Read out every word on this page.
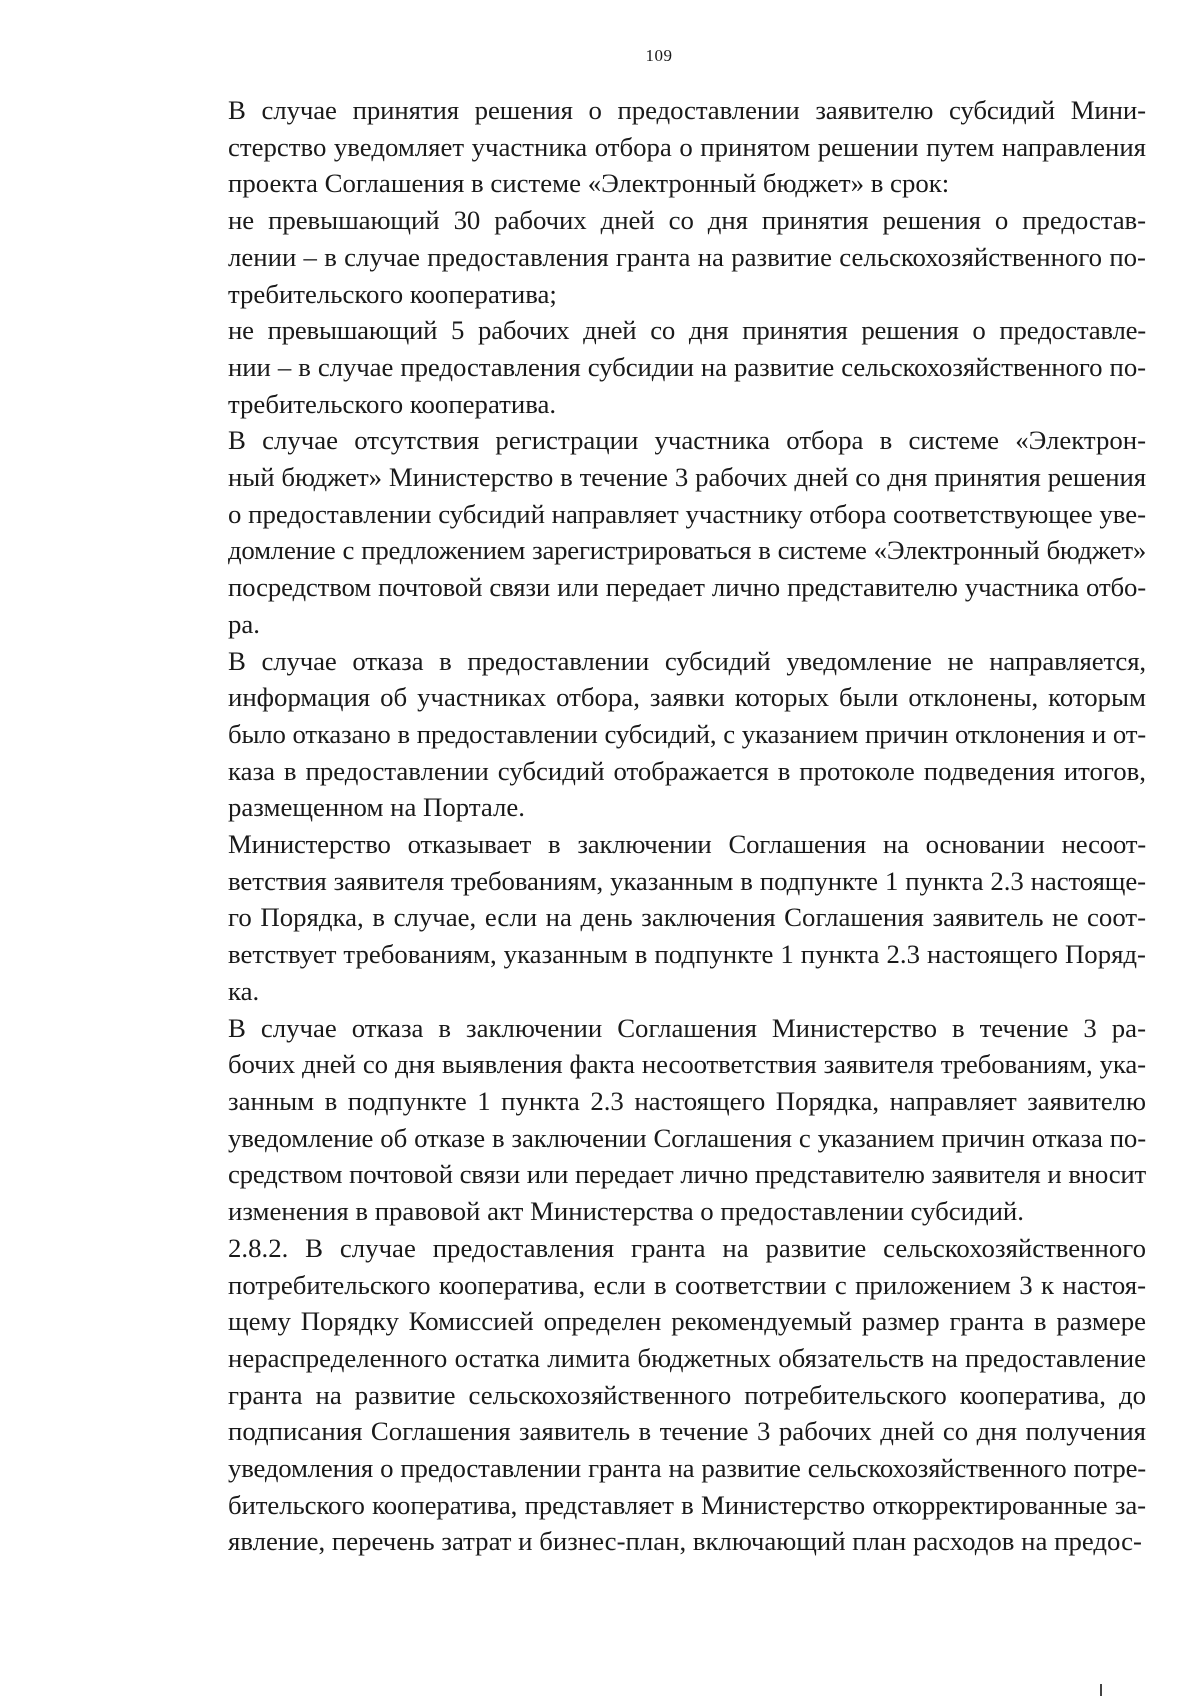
109

В случае принятия решения о предоставлении заявителю субсидий Мини-
стерство уведомляет участника отбора о принятом решении путем направления
проекта Соглашения в системе «Электронный бюджет» в срок:

не превышающий 30 рабочих дней со дня принятия решения о предостав-
лении – в случае предоставления гранта на развитие сельскохозяйственного по-
требительского кооператива;

не превышающий 5 рабочих дней со дня принятия решения о предоставле-
нии – в случае предоставления субсидии на развитие сельскохозяйственного по-
требительского кооператива.

В случае отсутствия регистрации участника отбора в системе «Электрон-
ный бюджет» Министерство в течение 3 рабочих дней со дня принятия решения
о предоставлении субсидий направляет участнику отбора соответствующее уве-
домление с предложением зарегистрироваться в системе «Электронный бюджет»
посредством почтовой связи или передает лично представителю участника отбо-
ра.

В случае отказа в предоставлении субсидий уведомление не направляется,
информация об участниках отбора, заявки которых были отклонены, которым
было отказано в предоставлении субсидий, с указанием причин отклонения и от-
каза в предоставлении субсидий отображается в протоколе подведения итогов,
размещенном на Портале.

Министерство отказывает в заключении Соглашения на основании несоот-
ветствия заявителя требованиям, указанным в подпункте 1 пункта 2.3 настояще-
го Порядка, в случае, если на день заключения Соглашения заявитель не соот-
ветствует требованиям, указанным в подпункте 1 пункта 2.3 настоящего Поряд-
ка.

В случае отказа в заключении Соглашения Министерство в течение 3 ра-
бочих дней со дня выявления факта несоответствия заявителя требованиям, ука-
занным в подпункте 1 пункта 2.3 настоящего Порядка, направляет заявителю
уведомление об отказе в заключении Соглашения с указанием причин отказа по-
средством почтовой связи или передает лично представителю заявителя и вносит
изменения в правовой акт Министерства о предоставлении субсидий.

2.8.2. В случае предоставления гранта на развитие сельскохозяйственного
потребительского кооператива, если в соответствии с приложением 3 к настоя-
щему Порядку Комиссией определен рекомендуемый размер гранта в размере
нераспределенного остатка лимита бюджетных обязательств на предоставление
гранта на развитие сельскохозяйственного потребительского кооператива, до
подписания Соглашения заявитель в течение 3 рабочих дней со дня получения
уведомления о предоставлении гранта на развитие сельскохозяйственного потре-
бительского кооператива, представляет в Министерство откорректированные за-
явление, перечень затрат и бизнес-план, включающий план расходов на предос-
